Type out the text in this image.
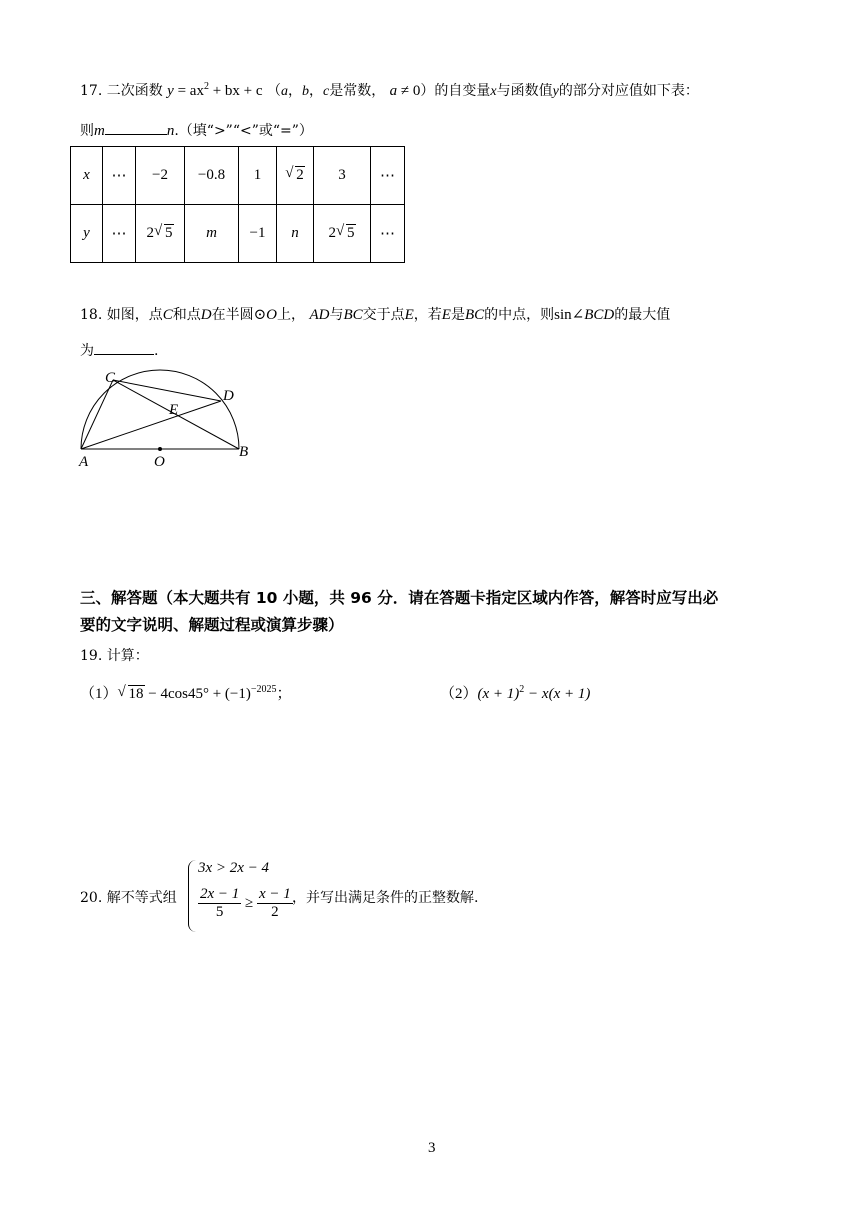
17. 二次函数 $y = ax^2$ + bx + c （a，b，c是常数， a ≠ 0）的自变量x与函数值y的部分对应值如下表：
则m	n.（填“>”“<”或“=”）
x	⋯	−2	−0.8	1	√ 2	3	⋯
y	⋯	2 √ 5	m	−1	n	2 √ 5	⋯
18. 如图，点C和点D在半圆⊙O上， AD与BC交于点E，若E是BC的中点，则sin∠BCD的最大值
为	.
C
D
E
A	O
B
三、解答题（本大题共有 10 小题，共 96 分．请在答题卡指定区域内作答，解答时应写出必
要的文字说明、解题过程或演算步骤）
19. 计算：
（1） √ $18 - 4\cos 45^\circ + (-1)^{-2025}$；	$(2)(x + 1)^2 - x(x + 1)$
20. 解不等式组
3x > 2x − 4
$\frac{2x - 1}{5} \ge \frac{x - 1}{2}$ ，并写出满足条件的正整数解.
3
